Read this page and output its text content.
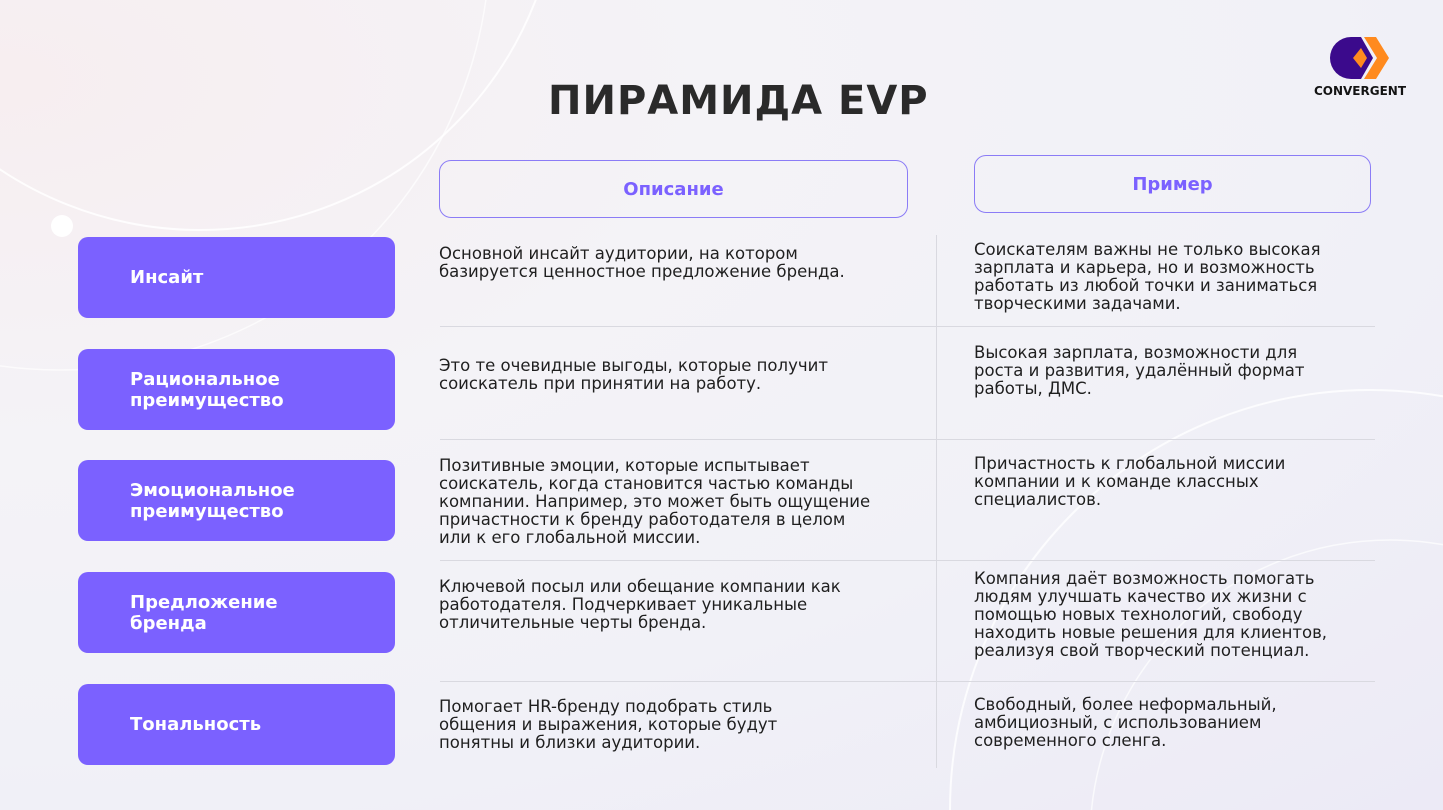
ПИРАМИДА EVP	CONVERGENT
Описание	Пример
Инсайт
Основной инсайт аудитории, на котором
базируется ценностное предложение бренда.
Соискателям важны не только высокая
зарплата и карьера, но и возможность
работать из любой точки и заниматься
творческими задачами.
Рациональное
преимущество
Это те очевидные выгоды, которые получит
соискатель при принятии на работу.
Высокая зарплата, возможности для
роста и развития, удалённый формат
работы, ДМС.
Эмоциональное
преимущество
Позитивные эмоции, которые испытывает
соискатель, когда становится частью команды
компании. Например, это может быть ощущение
причастности к бренду работодателя в целом
или к его глобальной миссии.
Причастность к глобальной миссии
компании и к команде классных
специалистов.
Предложение
бренда
Ключевой посыл или обещание компании как
работодателя. Подчеркивает уникальные
отличительные черты бренда.
Компания даёт возможность помогать
людям улучшать качество их жизни с
помощью новых технологий, свободу
находить новые решения для клиентов,
реализуя свой творческий потенциал.
Тональность
Помогает HR-бренду подобрать стиль
общения и выражения, которые будут
понятны и близки аудитории.
Свободный, более неформальный,
амбициозный, с использованием
современного сленга.
